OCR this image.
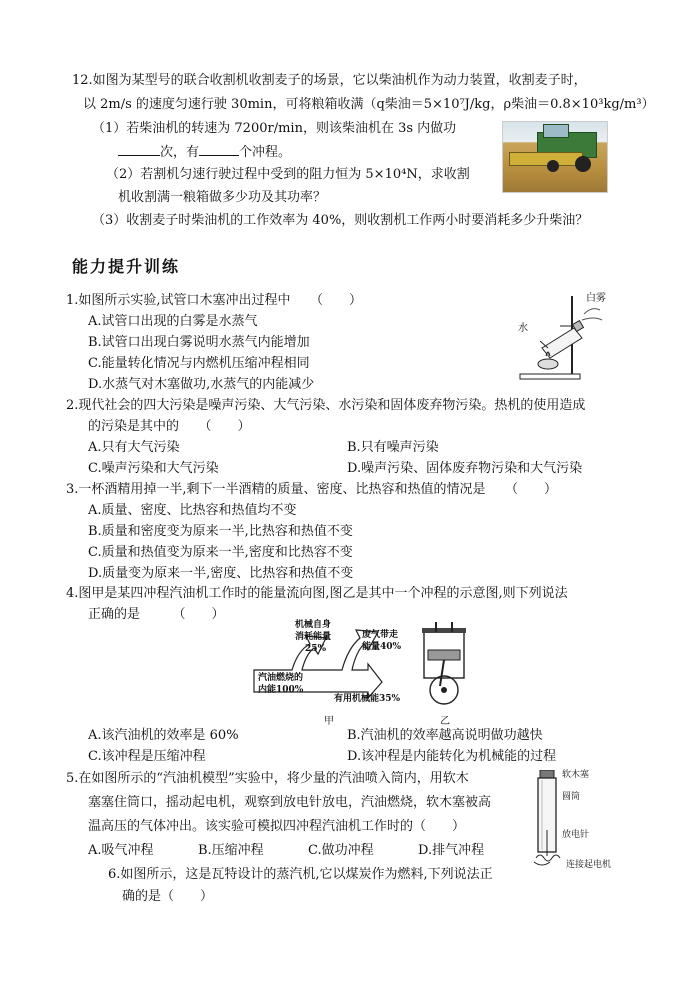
12.如图为某型号的联合收割机收割麦子的场景，它以柴油机作为动力装置，收割麦子时，
以 2m/s 的速度匀速行驶 30min，可将粮箱收满（q柴油＝5×10⁷J/kg，ρ柴油＝0.8×10³kg/m³）
（1）若柴油机的转速为 7200r/min，则该柴油机在 3s 内做功
次，有	个冲程。
（2）若割机匀速行驶过程中受到的阻力恒为 5×10⁴N，求收割
机收割满一粮箱做多少功及其功率？
（3）收割麦子时柴油机的工作效率为 40%，则收割机工作两小时要消耗多少升柴油？
能力提升训练
1.如图所示实验,试管口木塞冲出过程中　　（　　）
A.试管口出现的白雾是水蒸气
B.试管口出现白雾说明水蒸气内能增加
C.能量转化情况与内燃机压缩冲程相同
D.水蒸气对木塞做功,水蒸气的内能减少
白雾
水
2.现代社会的四大污染是噪声污染、大气污染、水污染和固体废弃物污染。热机的使用造成
的污染是其中的　　（　　）
A.只有大气污染	B.只有噪声污染
C.噪声污染和大气污染	D.噪声污染、固体废弃物污染和大气污染
3.一杯酒精用掉一半,剩下一半酒精的质量、密度、比热容和热值的情况是　　（　　）
A.质量、密度、比热容和热值均不变
B.质量和密度变为原来一半,比热容和热值不变
C.质量和热值变为原来一半,密度和比热容不变
D.质量变为原来一半,密度、比热容和热值不变
4.图甲是某四冲程汽油机工作时的能量流向图,图乙是其中一个冲程的示意图,则下列说法
正确的是　　　（　　）
机械自身
消耗能量
25%
废气带走
能量40%
汽油燃烧的
内能100%
有用机械能35%
甲	乙
A.该汽油机的效率是 60%	B.汽油机的效率越高说明做功越快
C.该冲程是压缩冲程	D.该冲程是内能转化为机械能的过程
5.在如图所示的“汽油机模型”实验中，将少量的汽油喷入筒内，用软木
塞塞住筒口，摇动起电机，观察到放电针放电，汽油燃烧，软木塞被高
温高压的气体冲出。该实验可模拟四冲程汽油机工作时的（　　）
A.吸气冲程	B.压缩冲程	C.做功冲程	D.排气冲程
软木塞
圆筒
放电针
连接起电机
6.如图所示，这是瓦特设计的蒸汽机,它以煤炭作为燃料,下列说法正
确的是（　　）
